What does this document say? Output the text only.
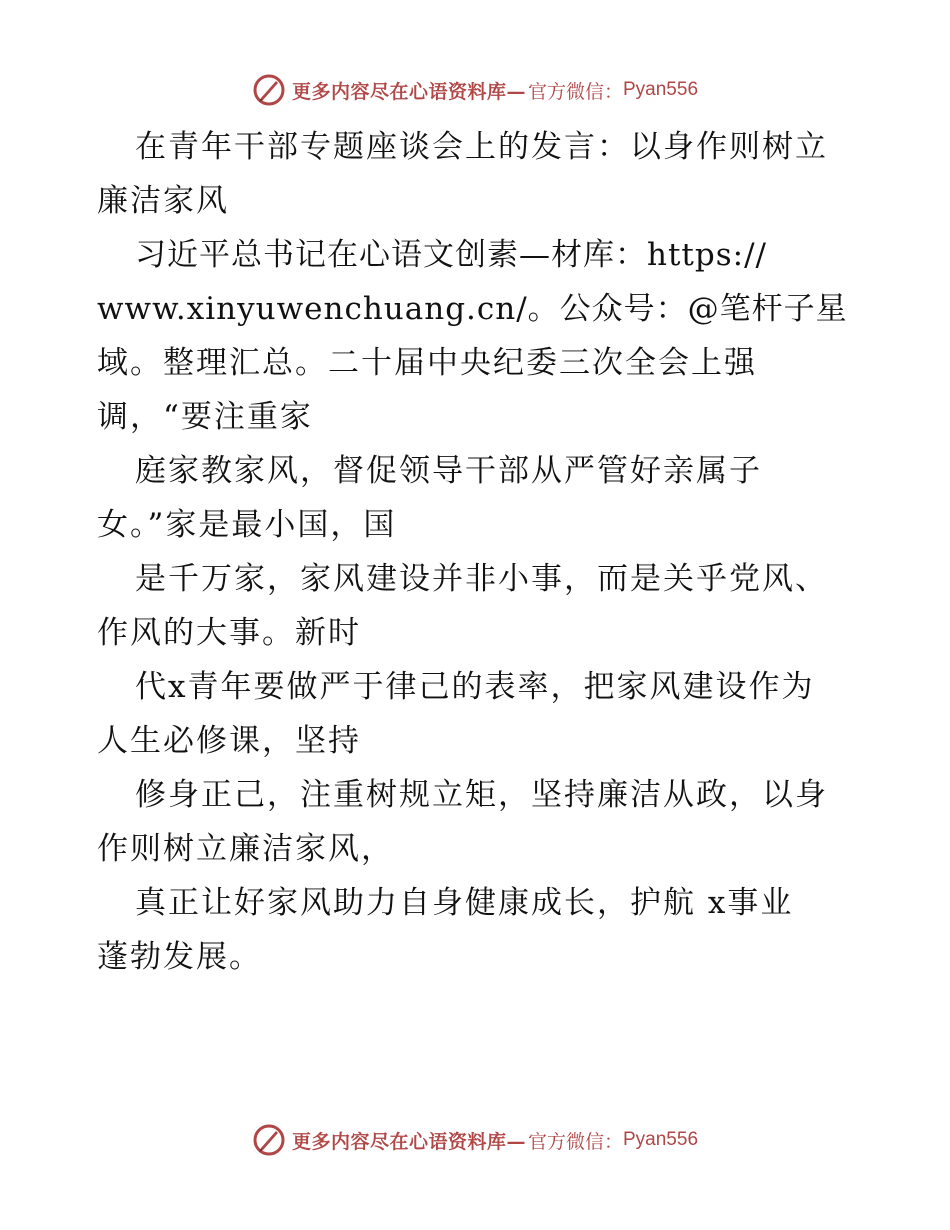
更多内容尽在心语资料库— 官方微信： Pyan556
在青年干部专题座谈会上的发言：以身作则树立
廉洁家风
习近平总书记在心语文创素—材库：https://
www.xinyuwenchuang.cn/。公众号：@笔杆子星
域。整理汇总。二十届中央纪委三次全会上强
调，“要注重家
庭家教家风，督促领导干部从严管好亲属子
女。”家是最小国，国
是千万家，家风建设并非小事，而是关乎党风、
作风的大事。新时
代x青年要做严于律己的表率，把家风建设作为
人生必修课，坚持
修身正己，注重树规立矩，坚持廉洁从政，以身
作则树立廉洁家风，
真正让好家风助力自身健康成长，护航 x事业
蓬勃发展。
更多内容尽在心语资料库— 官方微信： Pyan556
